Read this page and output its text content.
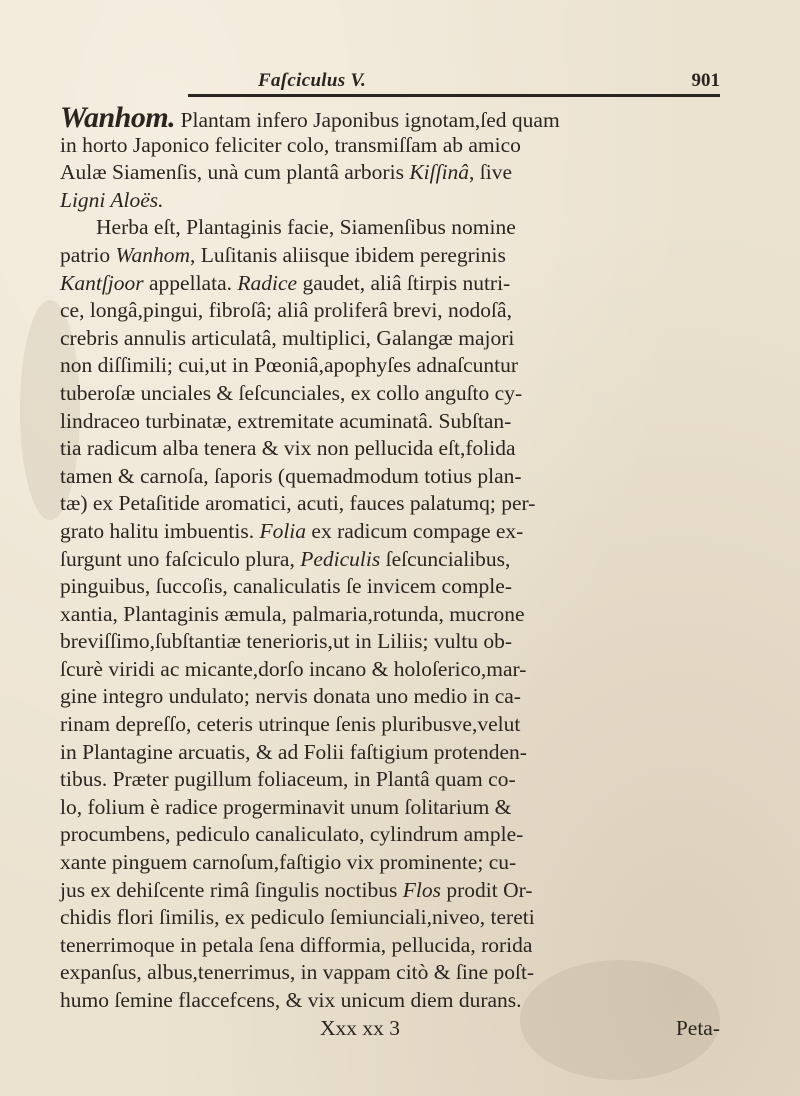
Faſciculus V.	901
Wanhom. Plantam infero Japonibus ignotam,ſed quam
in horto Japonico feliciter colo, transmiſſam ab amico
Aulæ Siamenſis, unà cum plantâ arboris Kiſſinâ, ſive
Ligni Aloës.
Herba eſt, Plantaginis facie, Siamenſibus nomine
patrio Wanhom, Luſitanis aliisque ibidem peregrinis
Kantſjoor appellata. Radice gaudet, aliâ ſtirpis nutri-
ce, longâ,pingui, fibroſâ; aliâ proliferâ brevi, nodoſâ,
crebris annulis articulatâ, multiplici, Galangæ majori
non diſſimili; cui,ut in Pœoniâ,apophyſes adnaſcuntur
tuberoſæ unciales & ſeſcunciales, ex collo anguſto cy-
lindraceo turbinatæ, extremitate acuminatâ. Subſtan-
tia radicum alba tenera & vix non pellucida eſt,folida
tamen & carnoſa, ſaporis (quemadmodum totius plan-
tæ) ex Petaſitide aromatici, acuti, fauces palatumq; per-
grato halitu imbuentis. Folia ex radicum compage ex-
ſurgunt uno faſciculo plura, Pediculis ſeſcuncialibus,
pinguibus, ſuccoſis, canaliculatis ſe invicem comple-
xantia, Plantaginis æmula, palmaria,rotunda, mucrone
breviſſimo,ſubſtantiæ tenerioris,ut in Liliis; vultu ob-
ſcurè viridi ac micante,dorſo incano & holoſerico,mar-
gine integro undulato; nervis donata uno medio in ca-
rinam depreſſo, ceteris utrinque ſenis pluribusve,velut
in Plantagine arcuatis, & ad Folii faſtigium protenden-
tibus. Præter pugillum foliaceum, in Plantâ quam co-
lo, folium è radice progerminavit unum ſolitarium &
procumbens, pediculo canaliculato, cylindrum ample-
xante pinguem carnoſum,faſtigio vix prominente; cu-
jus ex dehiſcente rimâ ſingulis noctibus Flos prodit Or-
chidis flori ſimilis, ex pediculo ſemiunciali,niveo, tereti
tenerrimoque in petala ſena difformia, pellucida, rorida
expanſus, albus,tenerrimus, in vappam citò & ſine poſt-
humo ſemine flaccefcens, & vix unicum diem durans.
Xxx xx 3	Peta-
